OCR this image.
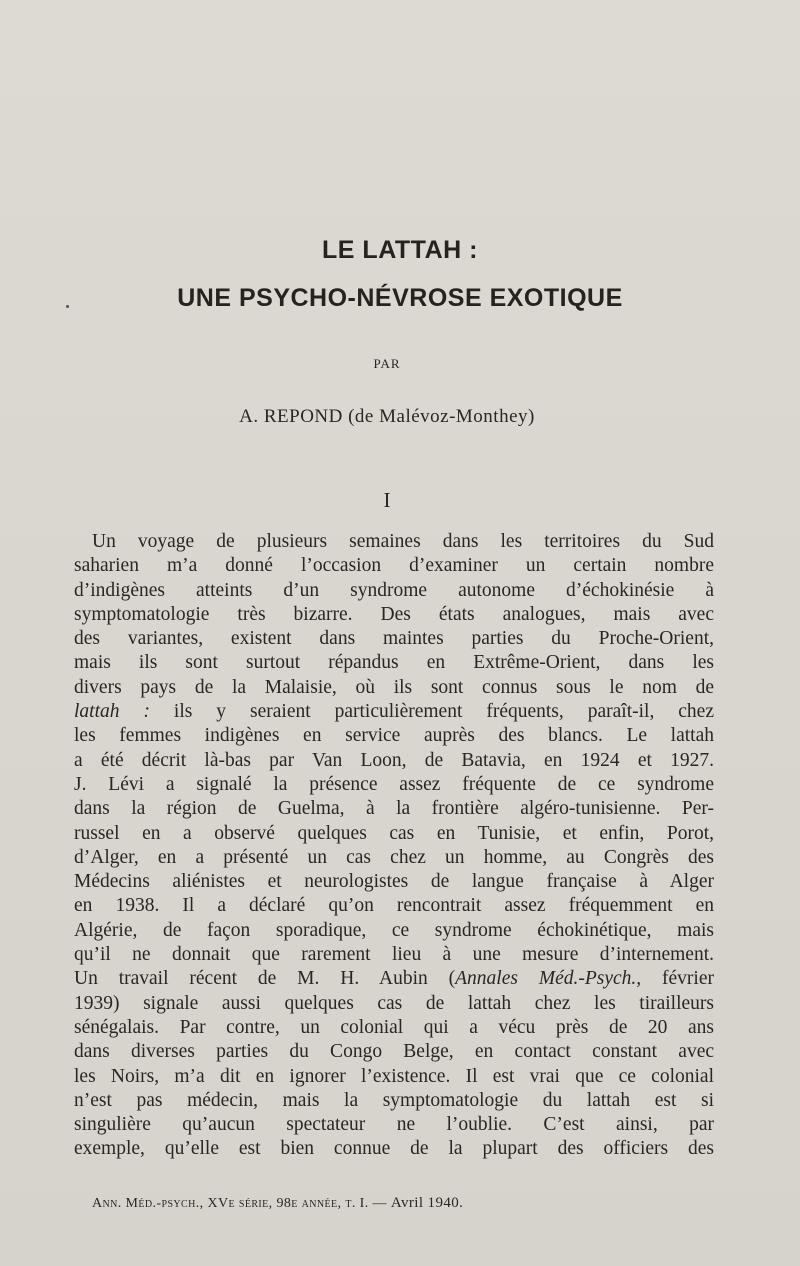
LE LATTAH :
UNE PSYCHO-NÉVROSE EXOTIQUE
PAR
A. REPOND (de Malévoz-Monthey)
I
Un voyage de plusieurs semaines dans les territoires du Sud
saharien m’a donné l’occasion d’examiner un certain nombre
d’indigènes atteints d’un syndrome autonome d’échokinésie à
symptomatologie très bizarre. Des états analogues, mais avec
des variantes, existent dans maintes parties du Proche-Orient,
mais ils sont surtout répandus en Extrême-Orient, dans les
divers pays de la Malaisie, où ils sont connus sous le nom de
lattah : ils y seraient particulièrement fréquents, paraît-il, chez
les femmes indigènes en service auprès des blancs. Le lattah
a été décrit là-bas par Van Loon, de Batavia, en 1924 et 1927.
J. Lévi a signalé la présence assez fréquente de ce syndrome
dans la région de Guelma, à la frontière algéro-tunisienne. Per-
russel en a observé quelques cas en Tunisie, et enfin, Porot,
d’Alger, en a présenté un cas chez un homme, au Congrès des
Médecins aliénistes et neurologistes de langue française à Alger
en 1938. Il a déclaré qu’on rencontrait assez fréquemment en
Algérie, de façon sporadique, ce syndrome échokinétique, mais
qu’il ne donnait que rarement lieu à une mesure d’internement.
Un travail récent de M. H. Aubin (Annales Méd.-Psych., février
1939) signale aussi quelques cas de lattah chez les tirailleurs
sénégalais. Par contre, un colonial qui a vécu près de 20 ans
dans diverses parties du Congo Belge, en contact constant avec
les Noirs, m’a dit en ignorer l’existence. Il est vrai que ce colonial
n’est pas médecin, mais la symptomatologie du lattah est si
singulière qu’aucun spectateur ne l’oublie. C’est ainsi, par
exemple, qu’elle est bien connue de la plupart des officiers des
Ann. Méd.-psych., XVe série, 98e année, t. I. — Avril 1940.
